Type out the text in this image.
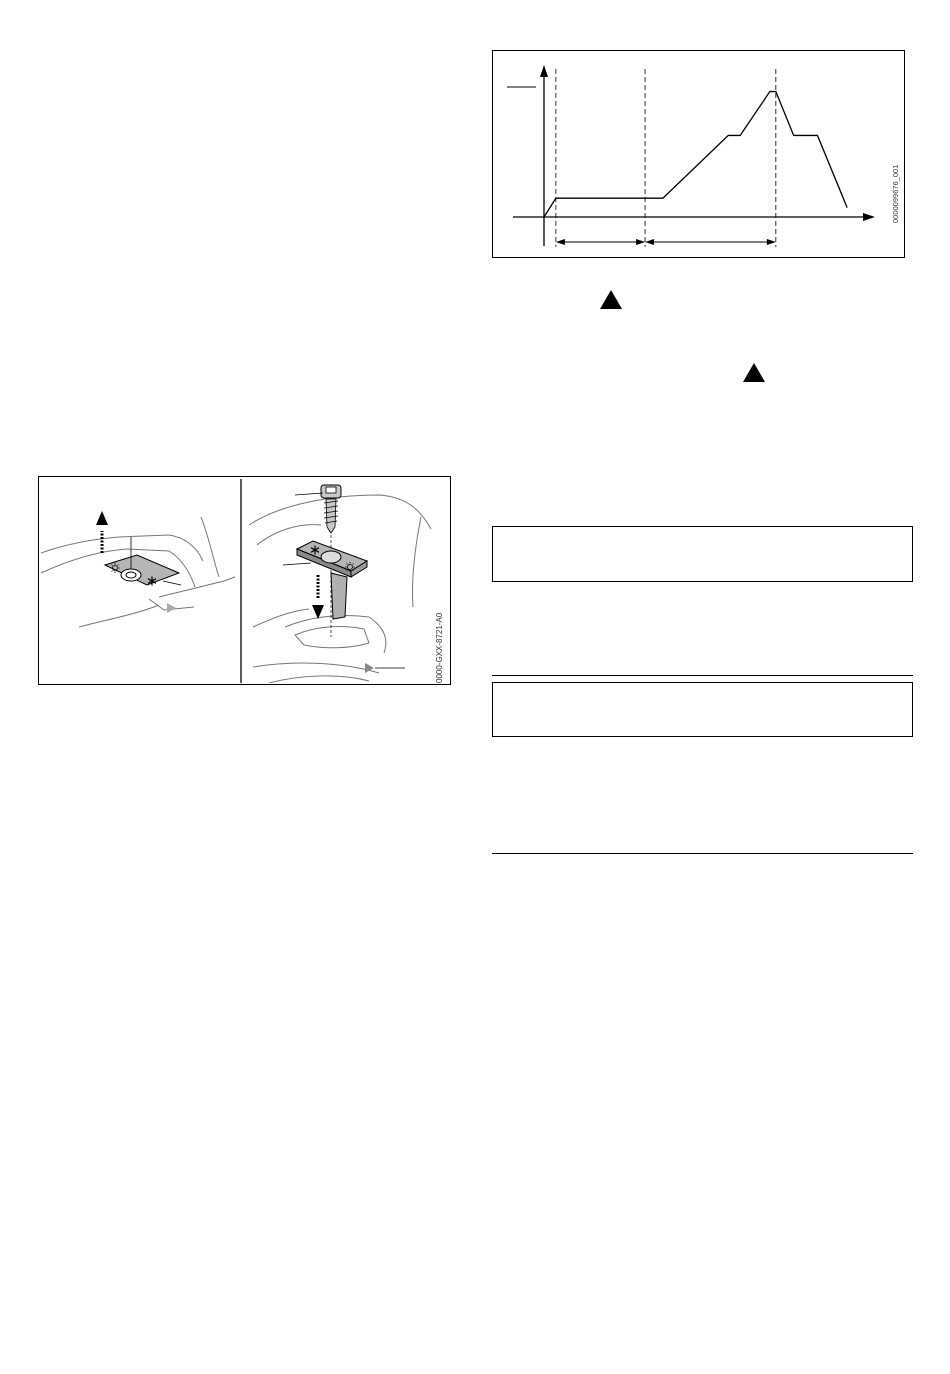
0000099676_001
0000-GXX-8721-A0
